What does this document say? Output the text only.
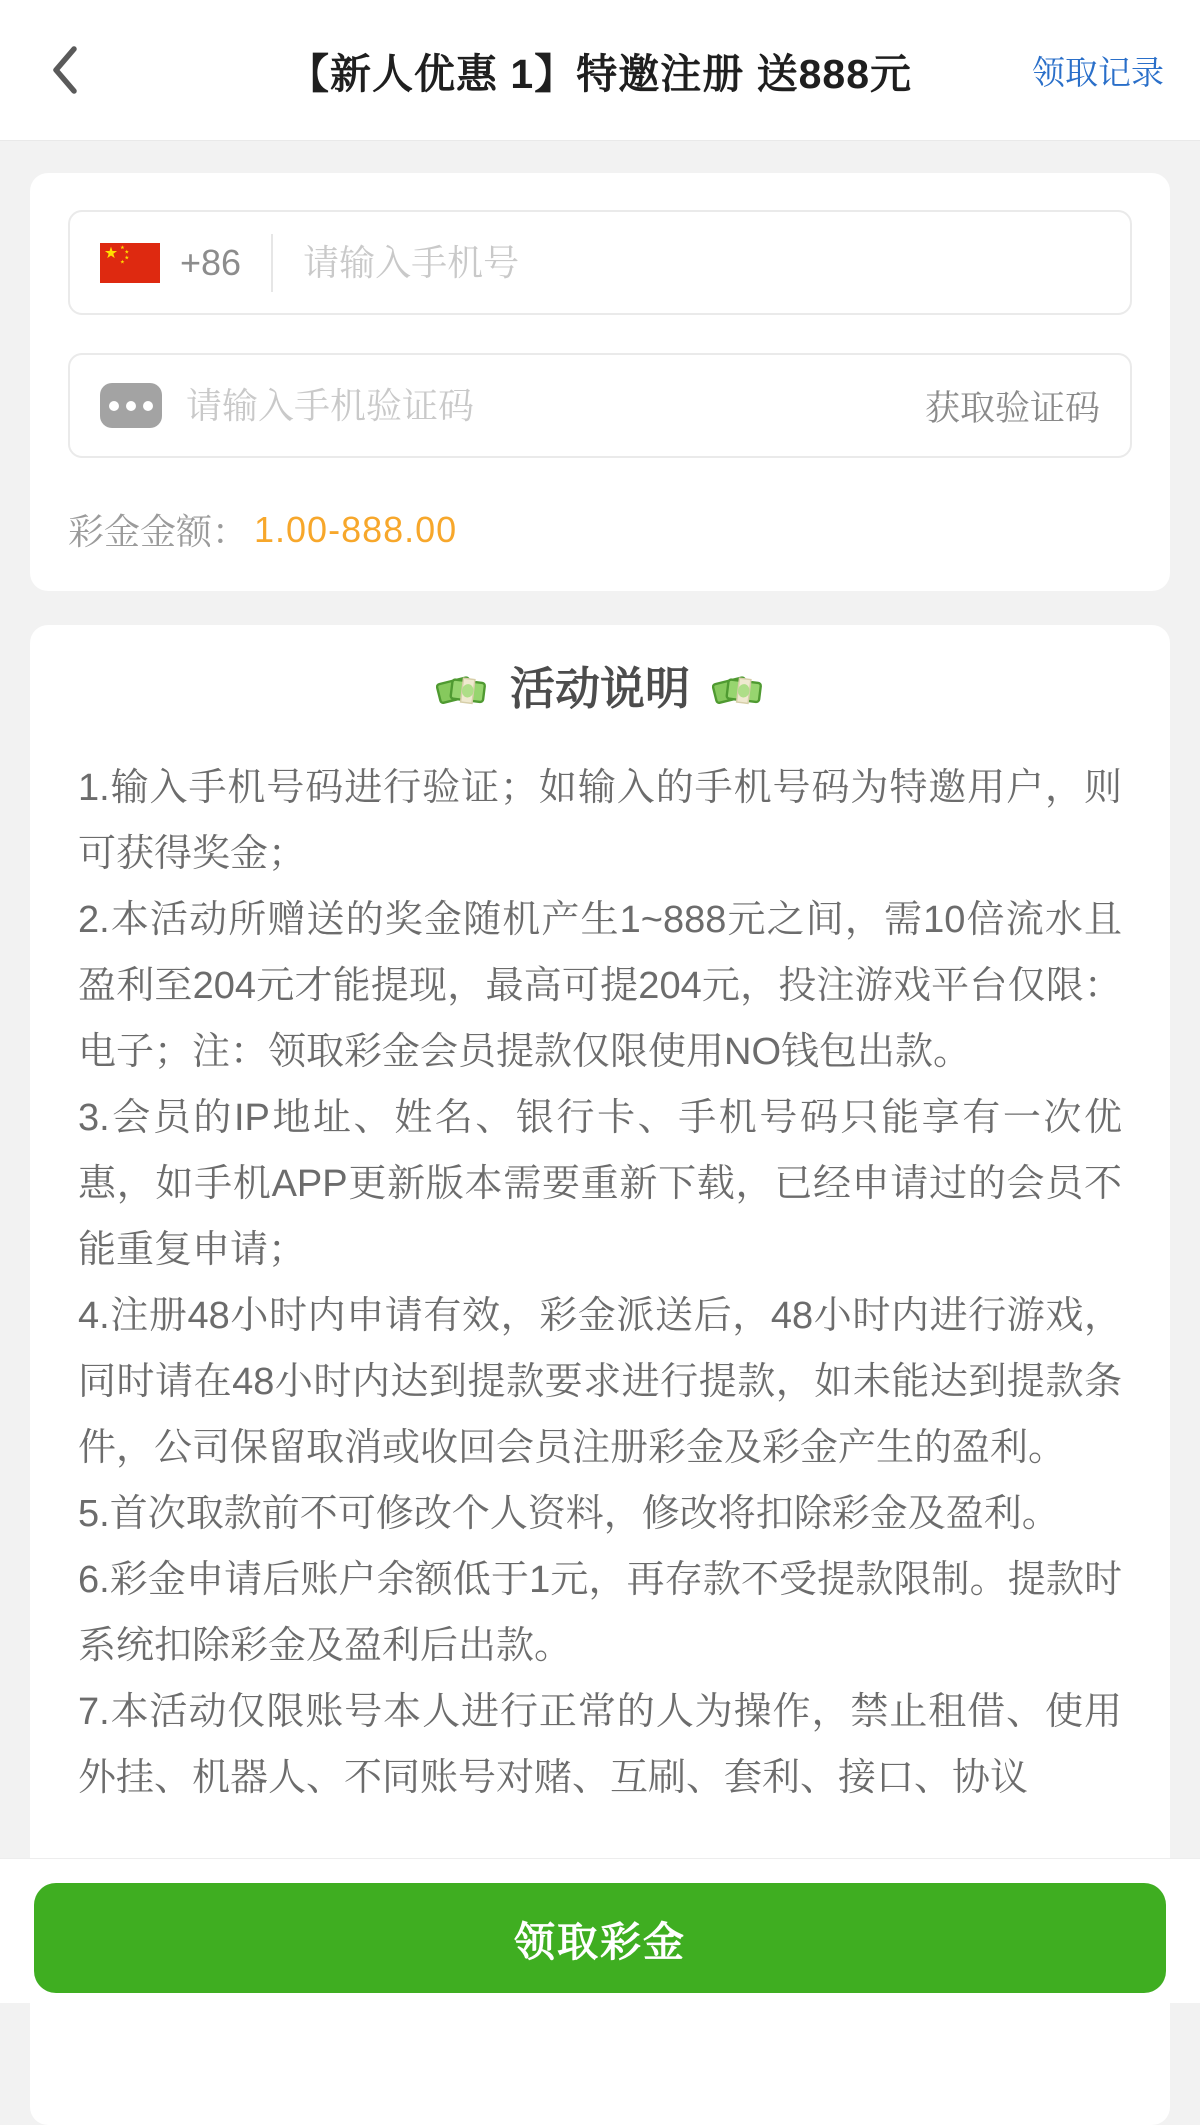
【新人优惠 1】特邀注册 送888元	领取记录
+86
请输入手机号
请输入手机验证码
获取验证码
彩金金额： 1.00-888.00
活动说明

1.输入手机号码进行验证；如输入的手机号码为特邀用户，则可获得奖金；

2.本活动所赠送的奖金随机产生1~888元之间，需10倍流水且盈利至204元才能提现，最高可提204元，投注游戏平台仅限：电子；注：领取彩金会员提款仅限使用NO钱包出款。

3.会员的IP地址、姓名、银行卡、手机号码只能享有一次优惠，如手机APP更新版本需要重新下载，已经申请过的会员不能重复申请；

4.注册48小时内申请有效，彩金派送后，48小时内进行游戏，同时请在48小时内达到提款要求进行提款，如未能达到提款条件，公司保留取消或收回会员注册彩金及彩金产生的盈利。

5.首次取款前不可修改个人资料，修改将扣除彩金及盈利。

6.彩金申请后账户余额低于1元，再存款不受提款限制。提款时系统扣除彩金及盈利后出款。

7.本活动仅限账号本人进行正常的人为操作，禁止租借、使用外挂、机器人、不同账号对赌、互刷、套利、接口、协议

领取彩金
